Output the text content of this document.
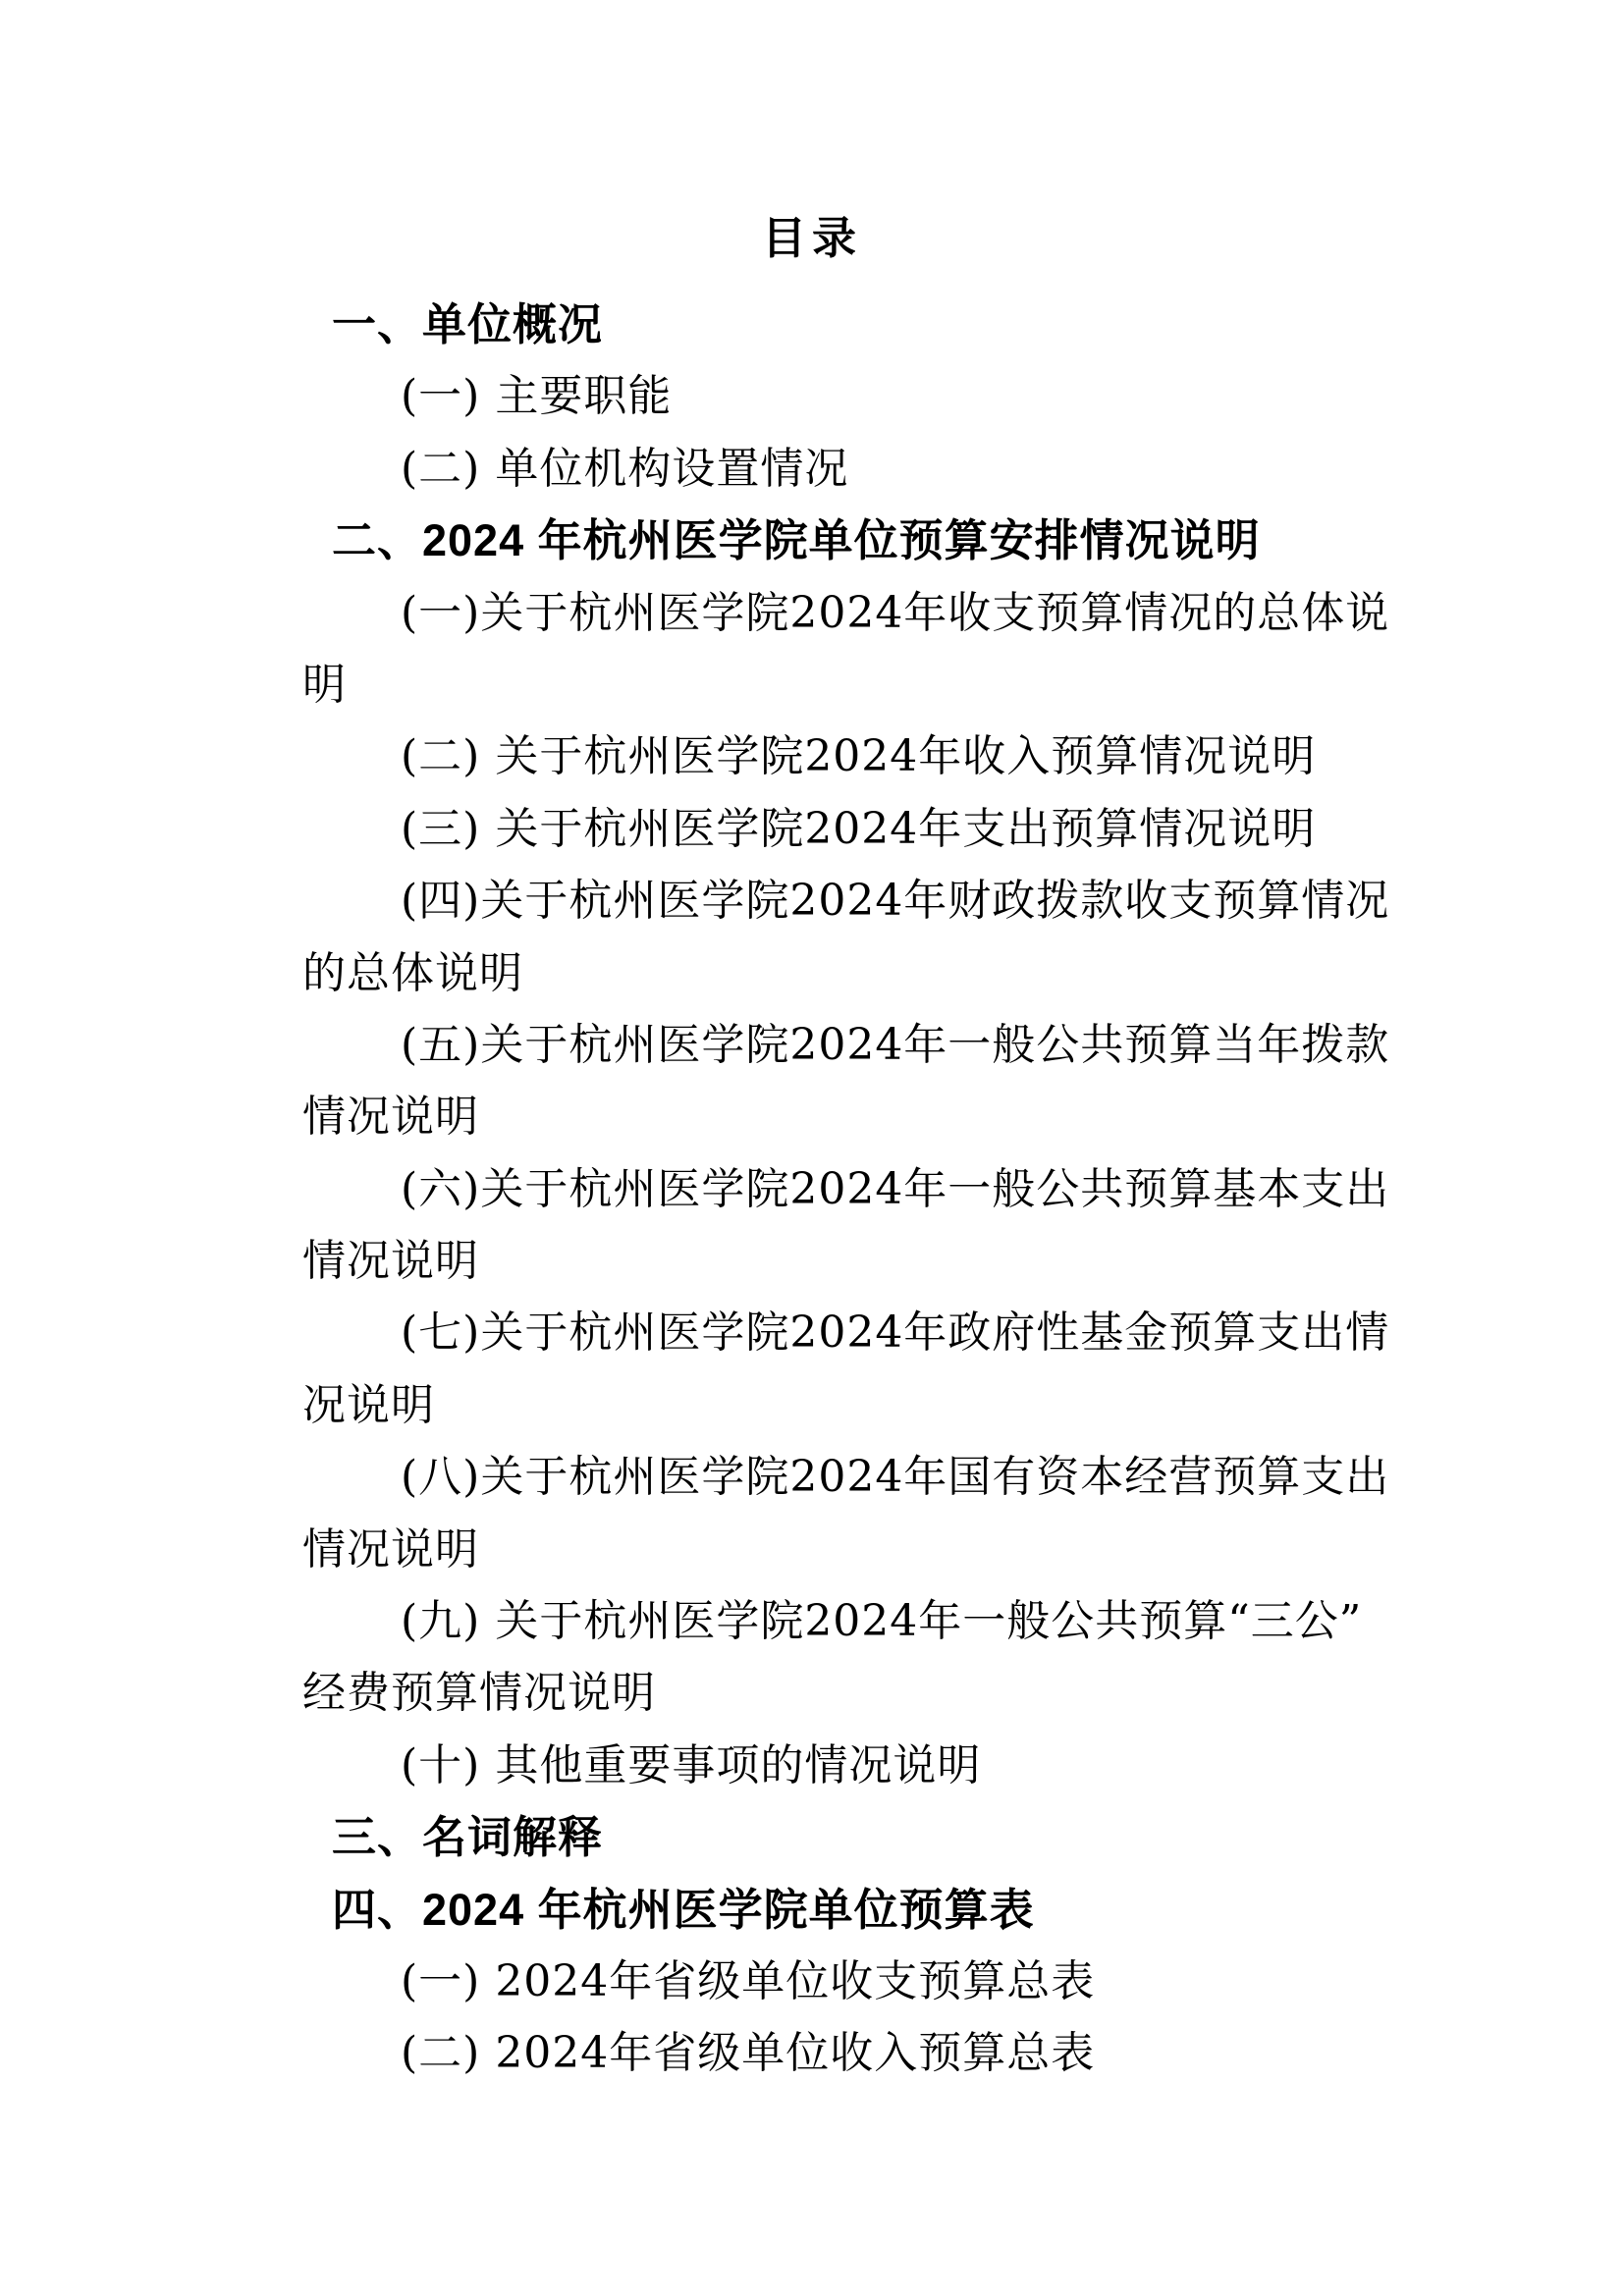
目录
一、单位概况
(一) 主要职能
(二) 单位机构设置情况
二、2024 年杭州医学院单位预算安排情况说明
(一)关于杭州医学院2024年收支预算情况的总体说
明
(二) 关于杭州医学院2024年收入预算情况说明
(三) 关于杭州医学院2024年支出预算情况说明
(四)关于杭州医学院2024年财政拨款收支预算情况
的总体说明
(五)关于杭州医学院2024年一般公共预算当年拨款
情况说明
(六)关于杭州医学院2024年一般公共预算基本支出
情况说明
(七)关于杭州医学院2024年政府性基金预算支出情
况说明
(八)关于杭州医学院2024年国有资本经营预算支出
情况说明
(九) 关于杭州医学院2024年一般公共预算“三公”
经费预算情况说明
(十) 其他重要事项的情况说明
三、名词解释
四、2024 年杭州医学院单位预算表
(一) 2024年省级单位收支预算总表
(二) 2024年省级单位收入预算总表
